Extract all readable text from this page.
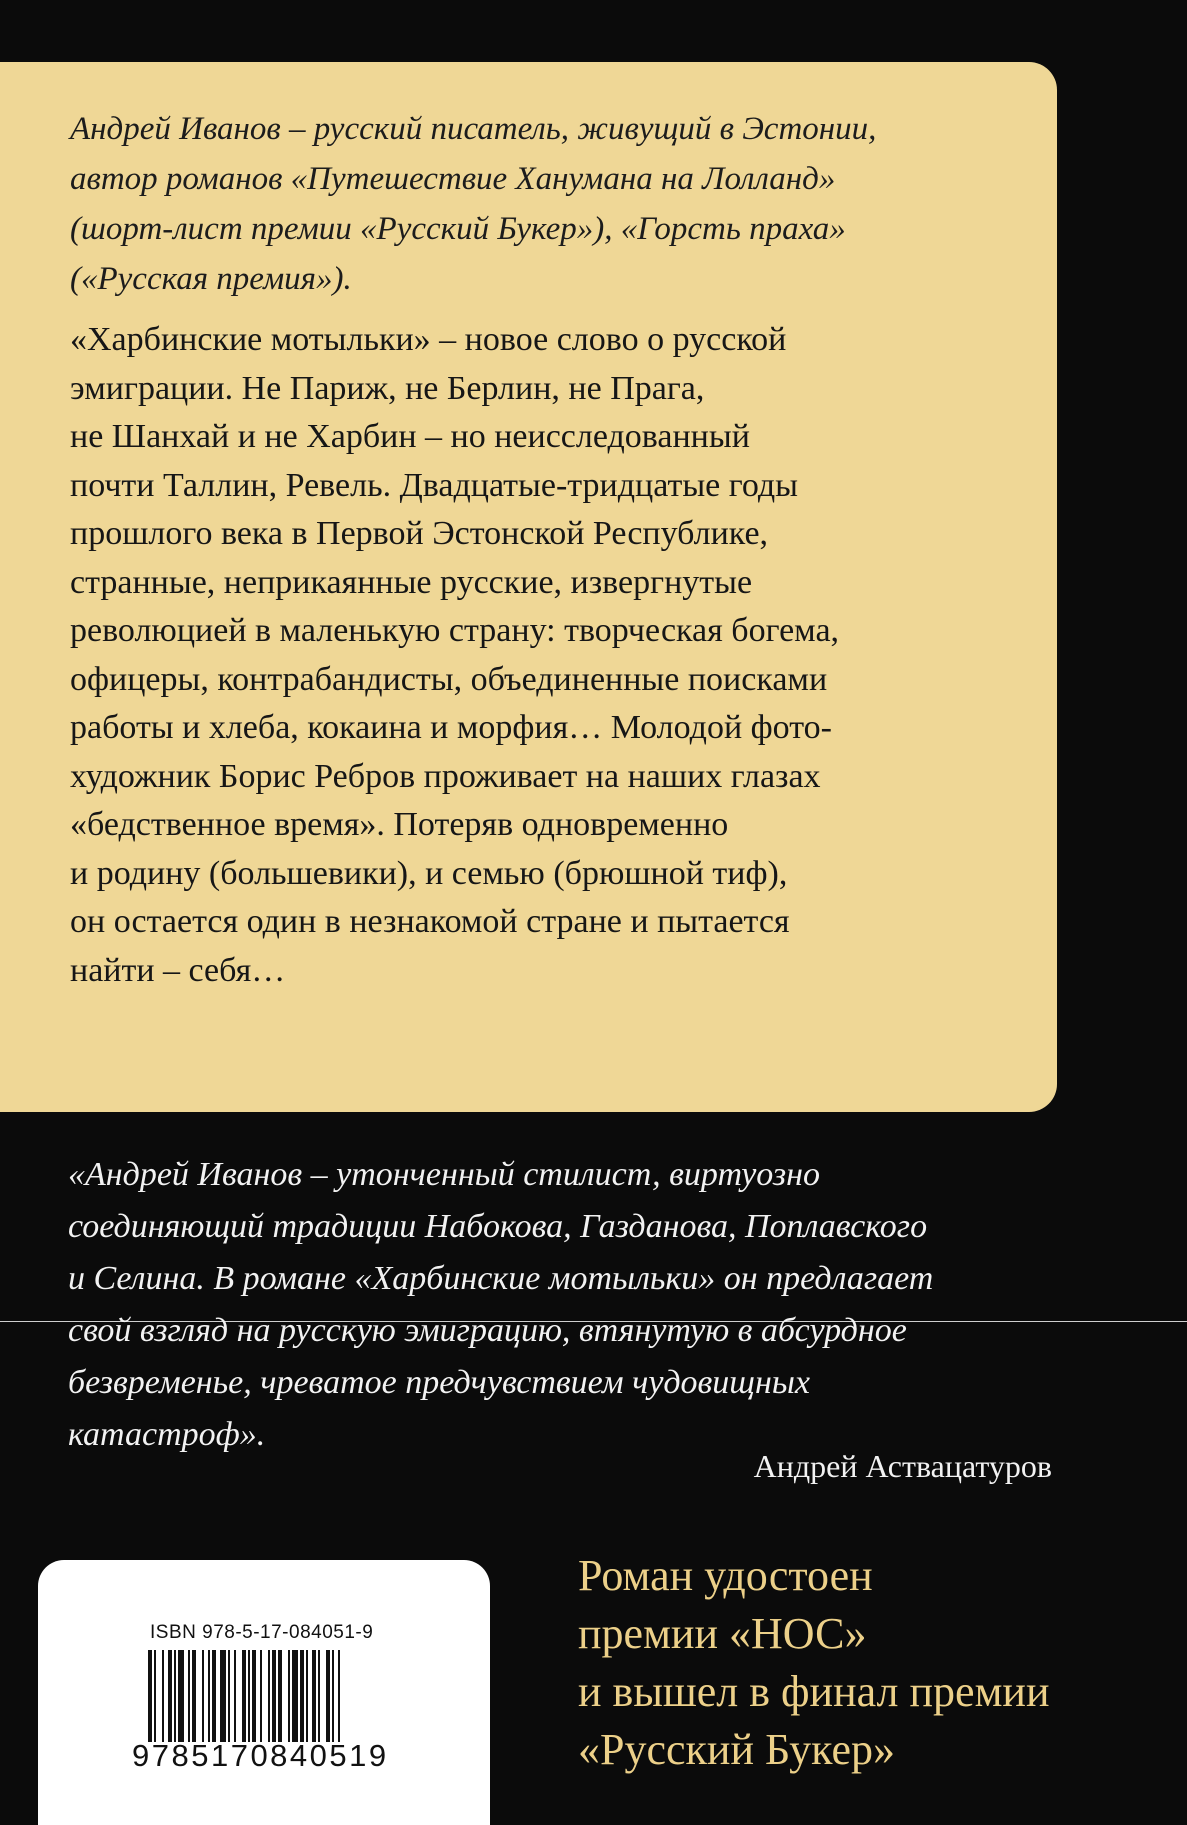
Андрей Иванов – русский писатель, живущий в Эстонии,
автор романов «Путешествие Ханумана на Лолланд»
(шорт-лист премии «Русский Букер»), «Горсть праха»
(«Русская премия»).

«Харбинские мотыльки» – новое слово о русской
эмиграции. Не Париж, не Берлин, не Прага,
не Шанхай и не Харбин – но неисследованный
почти Таллин, Ревель. Двадцатые-тридцатые годы
прошлого века в Первой Эстонской Республике,
странные, неприкаянные русские, извергнутые
революцией в маленькую страну: творческая богема,
офицеры, контрабандисты, объединенные поисками
работы и хлеба, кокаина и морфия… Молодой фото-
художник Борис Ребров проживает на наших глазах
«бедственное время». Потеряв одновременно
и родину (большевики), и семью (брюшной тиф),
он остается один в незнакомой стране и пытается
найти – себя…

«Андрей Иванов – утонченный стилист, виртуозно
соединяющий традиции Набокова, Газданова, Поплавского
и Селина. В романе «Харбинские мотыльки» он предлагает
свой взгляд на русскую эмиграцию, втянутую в абсурдное
безвременье, чреватое предчувствием чудовищных
катастроф».

Андрей Аствацатуров

ISBN 978-5-17-084051-9
9785170840519

Роман удостоен
премии «НОС»
и вышел в финал премии
«Русский Букер»
